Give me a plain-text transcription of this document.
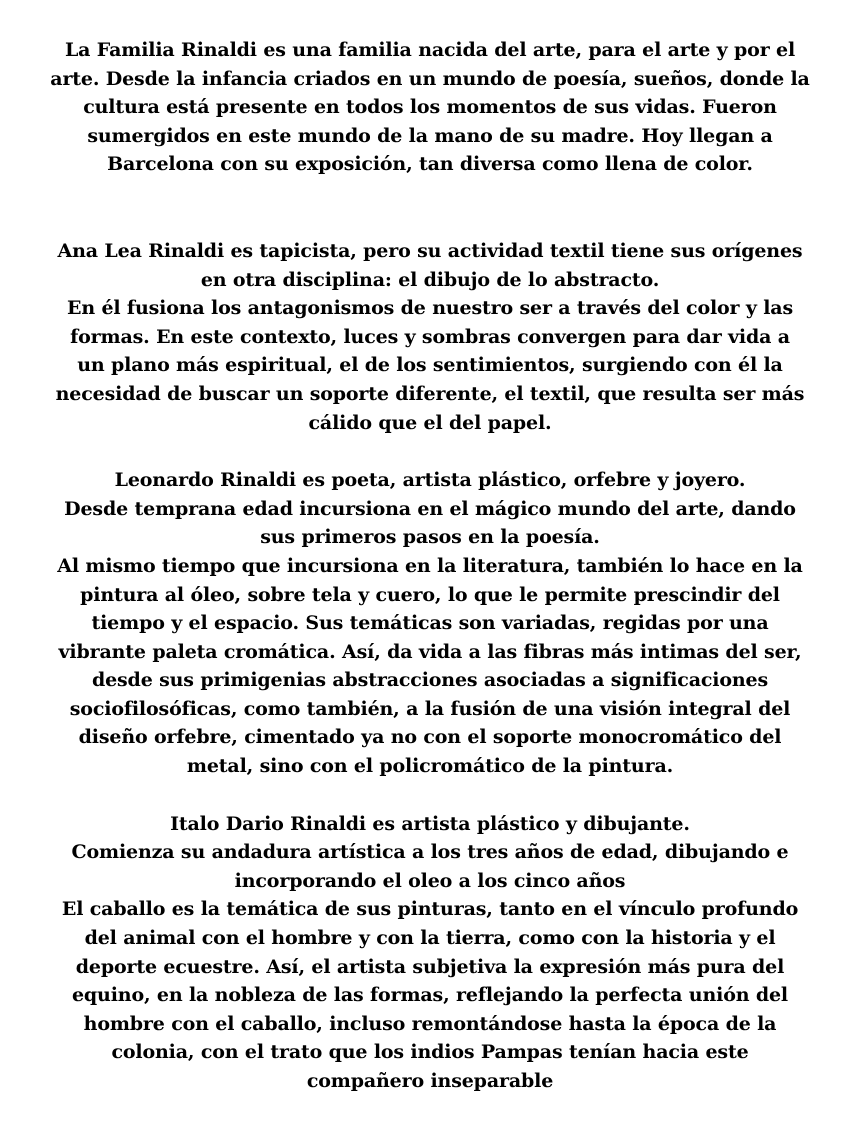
La Familia Rinaldi es una familia nacida del arte, para el arte y por el
arte. Desde la infancia criados en un mundo de poesía, sueños, donde la
cultura está presente en todos los momentos de sus vidas. Fueron
sumergidos en este mundo de la mano de su madre. Hoy llegan a
Barcelona con su exposición, tan diversa como llena de color.
Ana Lea Rinaldi es tapicista, pero su actividad textil tiene sus orígenes
en otra disciplina: el dibujo de lo abstracto.
En él fusiona los antagonismos de nuestro ser a través del color y las
formas. En este contexto, luces y sombras convergen para dar vida a
un plano más espiritual, el de los sentimientos, surgiendo con él la
necesidad de buscar un soporte diferente, el textil, que resulta ser más
cálido que el del papel.
Leonardo Rinaldi es poeta, artista plástico, orfebre y joyero.
Desde temprana edad incursiona en el mágico mundo del arte, dando
sus primeros pasos en la poesía.
Al mismo tiempo que incursiona en la literatura, también lo hace en la
pintura al óleo, sobre tela y cuero, lo que le permite prescindir del
tiempo y el espacio. Sus temáticas son variadas, regidas por una
vibrante paleta cromática. Así, da vida a las fibras más intimas del ser,
desde sus primigenias abstracciones asociadas a significaciones
sociofilosóficas, como también, a la fusión de una visión integral del
diseño orfebre, cimentado ya no con el soporte monocromático del
metal, sino con el policromático de la pintura.
Italo Dario Rinaldi es artista plástico y dibujante.
Comienza su andadura artística a los tres años de edad, dibujando e
incorporando el oleo a los cinco años
El caballo es la temática de sus pinturas, tanto en el vínculo profundo
del animal con el hombre y con la tierra, como con la historia y el
deporte ecuestre. Así, el artista subjetiva la expresión más pura del
equino, en la nobleza de las formas, reflejando la perfecta unión del
hombre con el caballo, incluso remontándose hasta la época de la
colonia, con el trato que los indios Pampas tenían hacia este
compañero inseparable
